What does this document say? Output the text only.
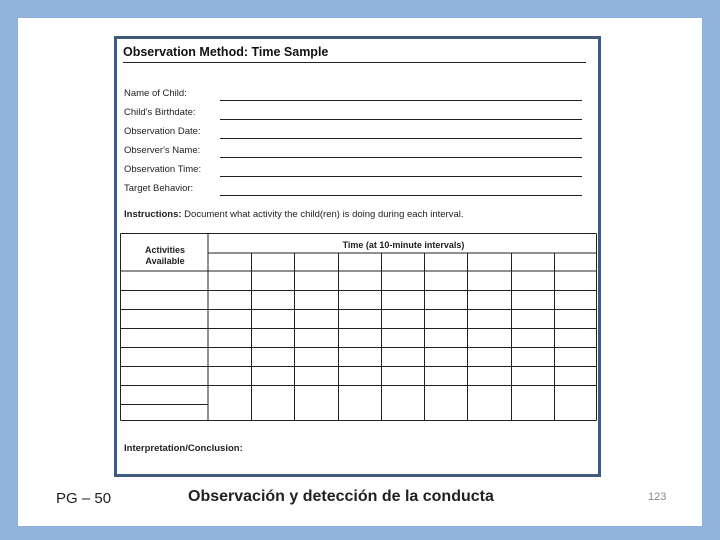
Observation Method: Time Sample
Name of Child:
Child's Birthdate:
Observation Date:
Observer's Name:
Observation Time:
Target Behavior:
Instructions: Document what activity the child(ren) is doing during each interval.
Activities
Available
Time (at 10-minute intervals)
Interpretation/Conclusion:
PG – 50	Observación y detección de la conducta	123
